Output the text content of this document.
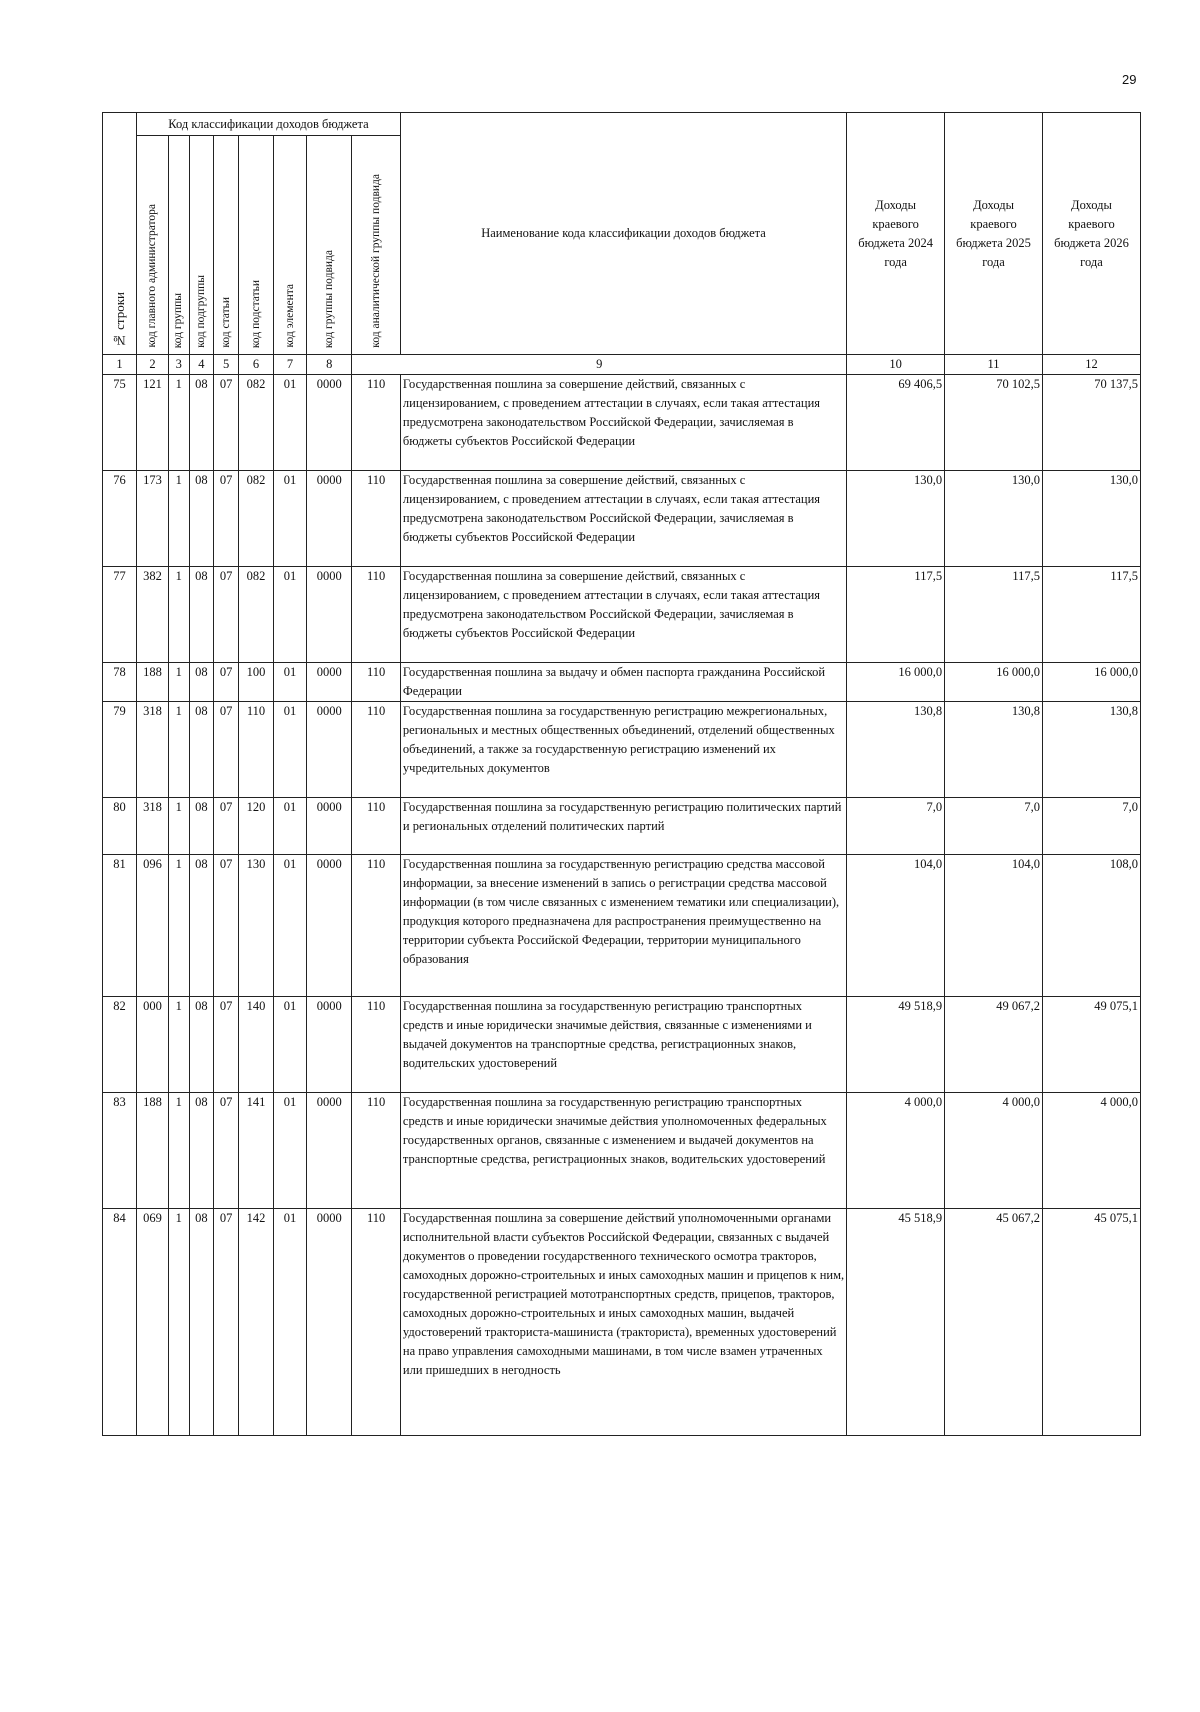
29
№ строки	Код классификации доходов бюджета								Наименование кода классификации доходов бюджета	Доходы краевого бюджета 2024 года	Доходы краевого бюджета 2025 года	Доходы краевого бюджета 2026 года

	код главного администратора	код группы	код подгруппы	код статьи	код подстатьи	код элемента	код группы подвида	код аналитической группы подвида				

1	2	3	4	5	6	7	8	9		10	11	12
75	121	1	08	07	082	01	0000	110	Государственная пошлина за совершение действий, связанных с лицензированием, с проведением аттестации в случаях, если такая аттестация предусмотрена законодательством Российской Федерации, зачисляемая в бюджеты субъектов Российской Федерации	69 406,5	70 102,5	70 137,5
76	173	1	08	07	082	01	0000	110	Государственная пошлина за совершение действий, связанных с лицензированием, с проведением аттестации в случаях, если такая аттестация предусмотрена законодательством Российской Федерации, зачисляемая в бюджеты субъектов Российской Федерации	130,0	130,0	130,0
77	382	1	08	07	082	01	0000	110	Государственная пошлина за совершение действий, связанных с лицензированием, с проведением аттестации в случаях, если такая аттестация предусмотрена законодательством Российской Федерации, зачисляемая в бюджеты субъектов Российской Федерации	117,5	117,5	117,5
78	188	1	08	07	100	01	0000	110	Государственная пошлина за выдачу и обмен паспорта гражданина Российской Федерации	16 000,0	16 000,0	16 000,0
79	318	1	08	07	110	01	0000	110	Государственная пошлина за государственную регистрацию межрегиональных, региональных и местных общественных объединений, отделений общественных объединений, а также за государственную регистрацию изменений их учредительных документов	130,8	130,8	130,8
80	318	1	08	07	120	01	0000	110	Государственная пошлина за государственную регистрацию политических партий и региональных отделений политических партий	7,0	7,0	7,0
81	096	1	08	07	130	01	0000	110	Государственная пошлина за государственную регистрацию средства массовой информации, за внесение изменений в запись о регистрации средства массовой информации (в том числе связанных с изменением тематики или специализации), продукция которого предназначена для распространения преимущественно на территории субъекта Российской Федерации, территории муниципального образования	104,0	104,0	108,0
82	000	1	08	07	140	01	0000	110	Государственная пошлина за государственную регистрацию транспортных средств и иные юридически значимые действия, связанные с изменениями и выдачей документов на транспортные средства, регистрационных знаков, водительских удостоверений	49 518,9	49 067,2	49 075,1
83	188	1	08	07	141	01	0000	110	Государственная пошлина за государственную регистрацию транспортных средств и иные юридически значимые действия уполномоченных федеральных государственных органов, связанные с изменением и выдачей документов на транспортные средства, регистрационных знаков, водительских удостоверений	4 000,0	4 000,0	4 000,0
84	069	1	08	07	142	01	0000	110	Государственная пошлина за совершение действий уполномоченными органами исполнительной власти субъектов Российской Федерации, связанных с выдачей документов о проведении государственного технического осмотра тракторов, самоходных дорожно-строительных и иных самоходных машин и прицепов к ним, государственной регистрацией мототранспортных средств, прицепов, тракторов, самоходных дорожно-строительных и иных самоходных машин, выдачей удостоверений тракториста-машиниста (тракториста), временных удостоверений на право управления самоходными машинами, в том числе взамен утраченных или пришедших в негодность	45 518,9	45 067,2	45 075,1
